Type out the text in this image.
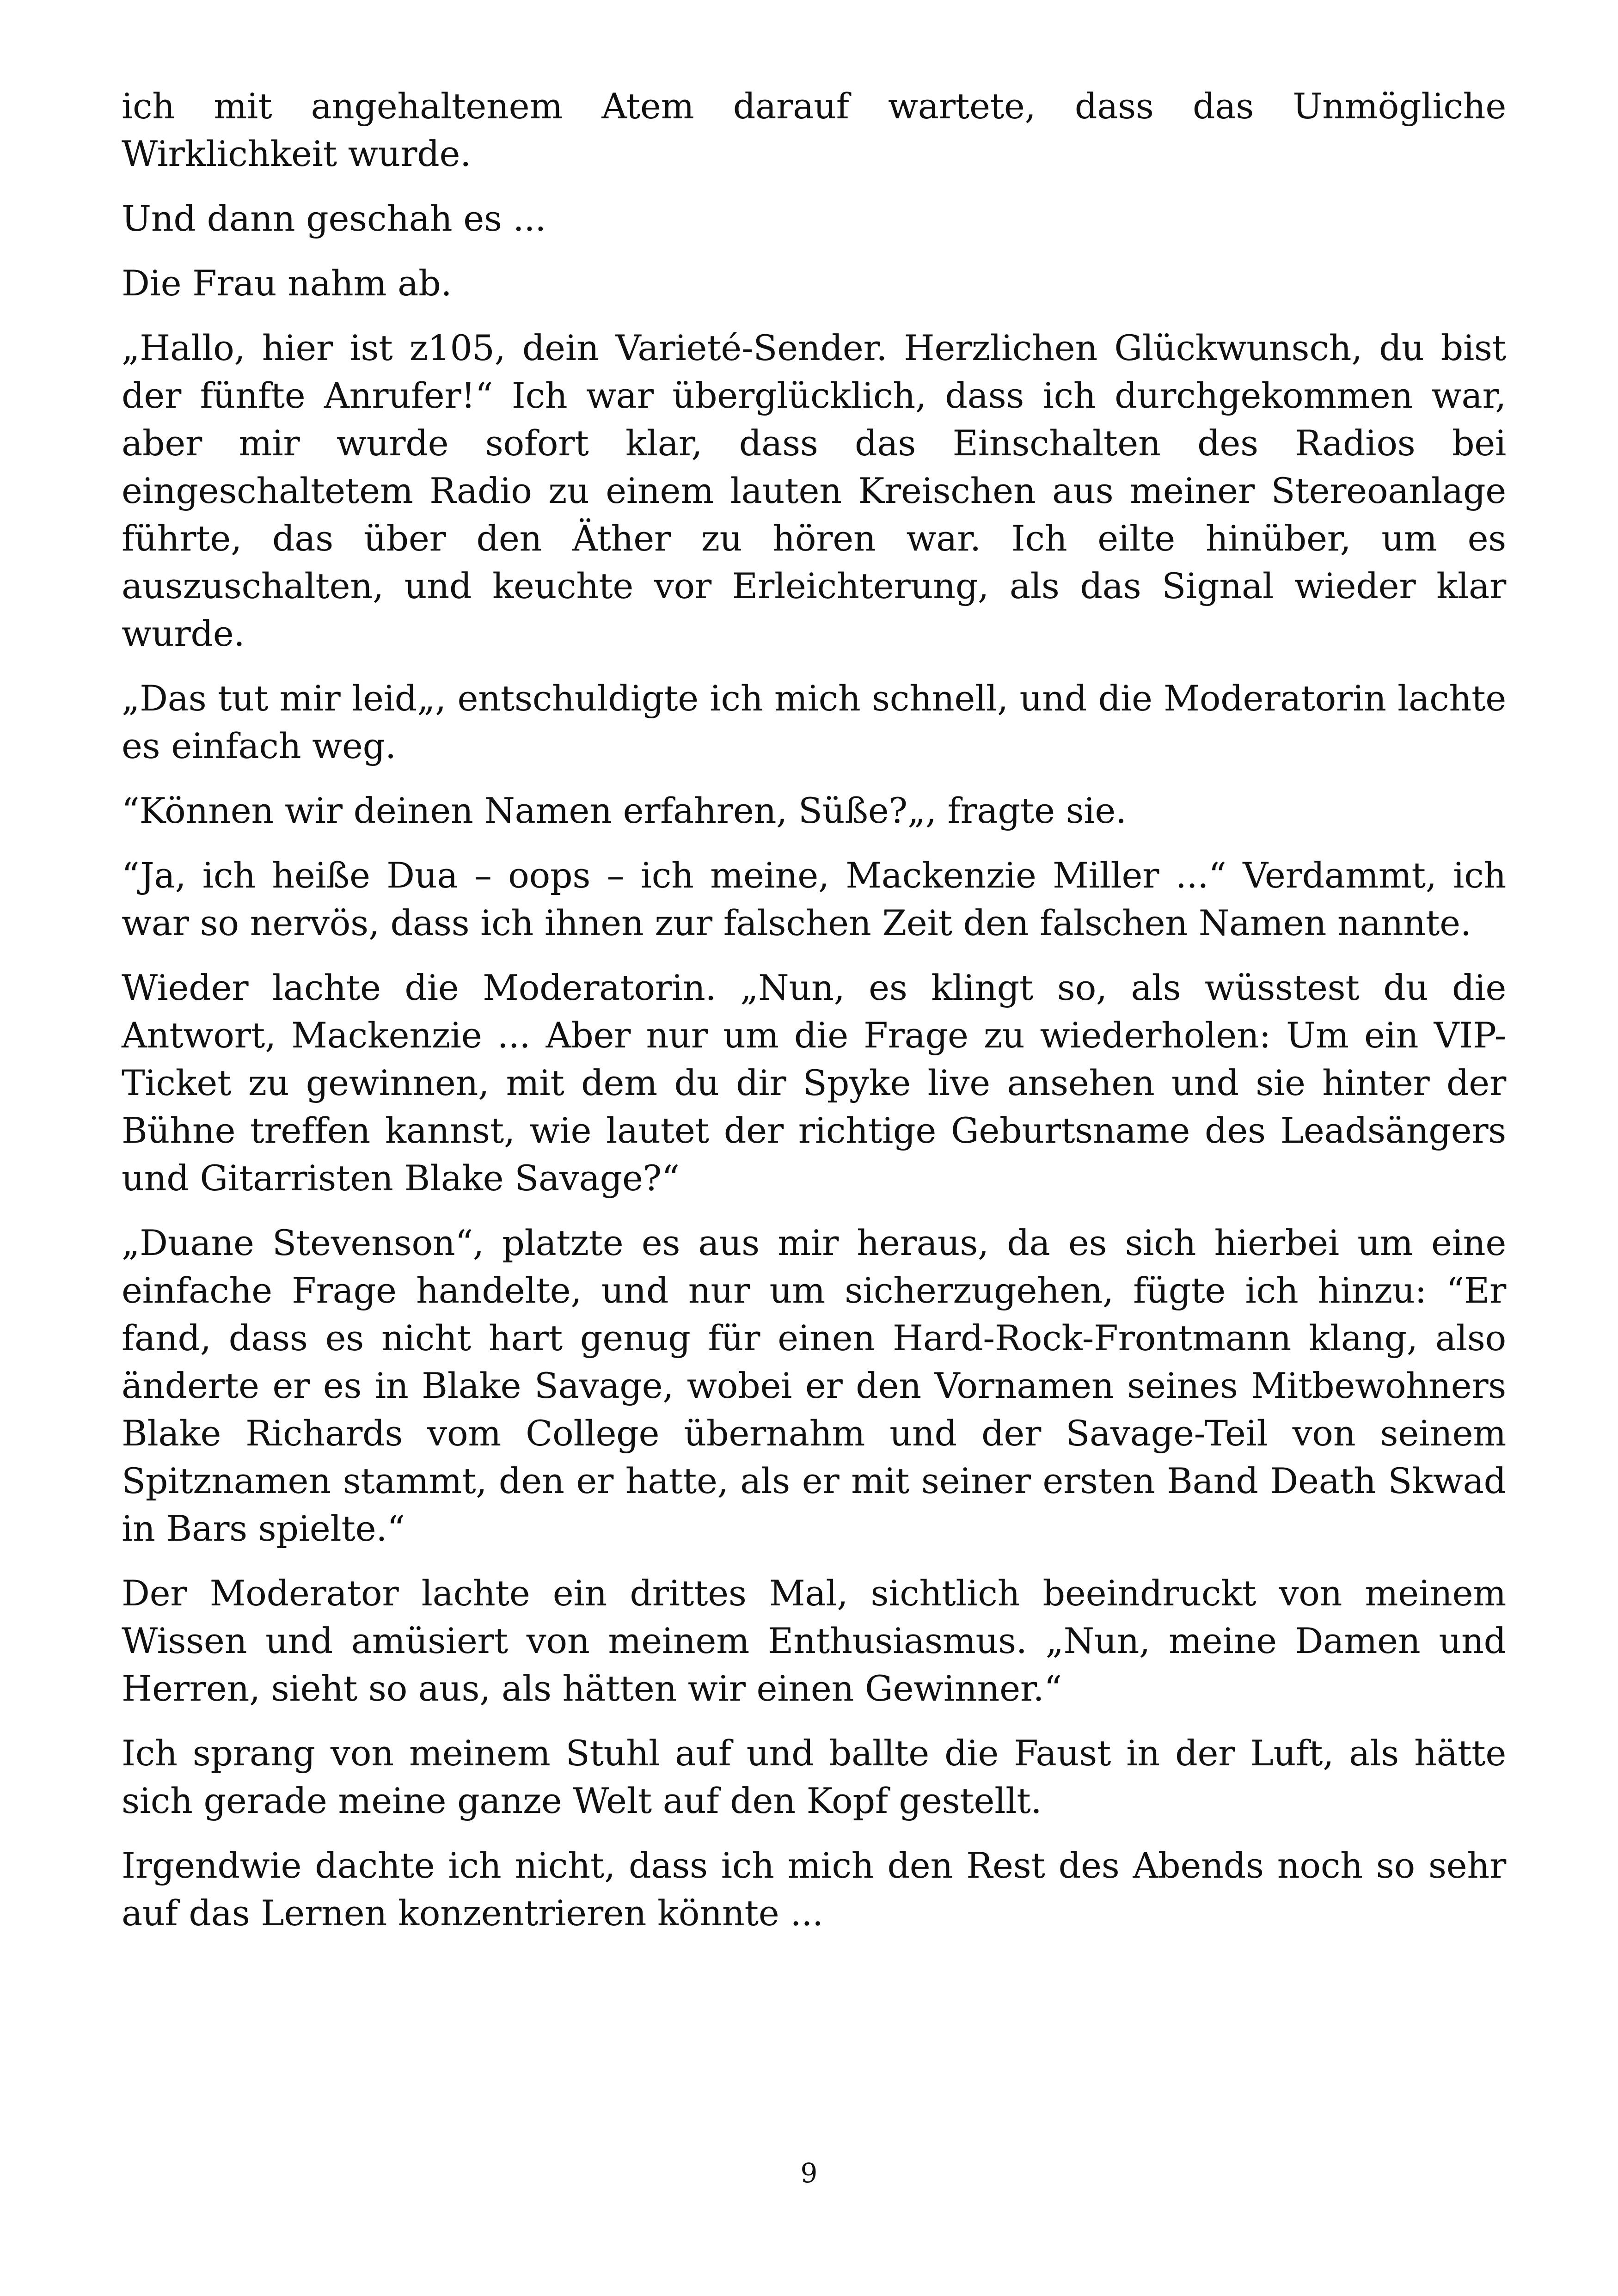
ich mit angehaltenem Atem darauf wartete, dass das Unmögliche Wirklichkeit wurde.

Und dann geschah es ...

Die Frau nahm ab.

„Hallo, hier ist z105, dein Varieté-Sender. Herzlichen Glückwunsch, du bist der fünfte Anrufer!“ Ich war überglücklich, dass ich durchgekommen war, aber mir wurde sofort klar, dass das Einschalten des Radios bei eingeschaltetem Radio zu einem lauten Kreischen aus meiner Stereoanlage führte, das über den Äther zu hören war. Ich eilte hinüber, um es auszuschalten, und keuchte vor Erleichterung, als das Signal wieder klar wurde.

„Das tut mir leid„, entschuldigte ich mich schnell, und die Moderatorin lachte es einfach weg.

“Können wir deinen Namen erfahren, Süße?„, fragte sie.

“Ja, ich heiße Dua – oops – ich meine, Mackenzie Miller ...“ Verdammt, ich war so nervös, dass ich ihnen zur falschen Zeit den falschen Namen nannte.

Wieder lachte die Moderatorin. „Nun, es klingt so, als wüsstest du die Antwort, Mackenzie ... Aber nur um die Frage zu wiederholen: Um ein VIP-Ticket zu gewinnen, mit dem du dir Spyke live ansehen und sie hinter der Bühne treffen kannst, wie lautet der richtige Geburtsname des Leadsängers und Gitarristen Blake Savage?“

„Duane Stevenson“, platzte es aus mir heraus, da es sich hierbei um eine einfache Frage handelte, und nur um sicherzugehen, fügte ich hinzu: “Er fand, dass es nicht hart genug für einen Hard-Rock-Frontmann klang, also änderte er es in Blake Savage, wobei er den Vornamen seines Mitbewohners Blake Richards vom College übernahm und der Savage-Teil von seinem Spitznamen stammt, den er hatte, als er mit seiner ersten Band Death Skwad in Bars spielte.“

Der Moderator lachte ein drittes Mal, sichtlich beeindruckt von meinem Wissen und amüsiert von meinem Enthusiasmus. „Nun, meine Damen und Herren, sieht so aus, als hätten wir einen Gewinner.“

Ich sprang von meinem Stuhl auf und ballte die Faust in der Luft, als hätte sich gerade meine ganze Welt auf den Kopf gestellt.

Irgendwie dachte ich nicht, dass ich mich den Rest des Abends noch so sehr auf das Lernen konzentrieren könnte ...

9
